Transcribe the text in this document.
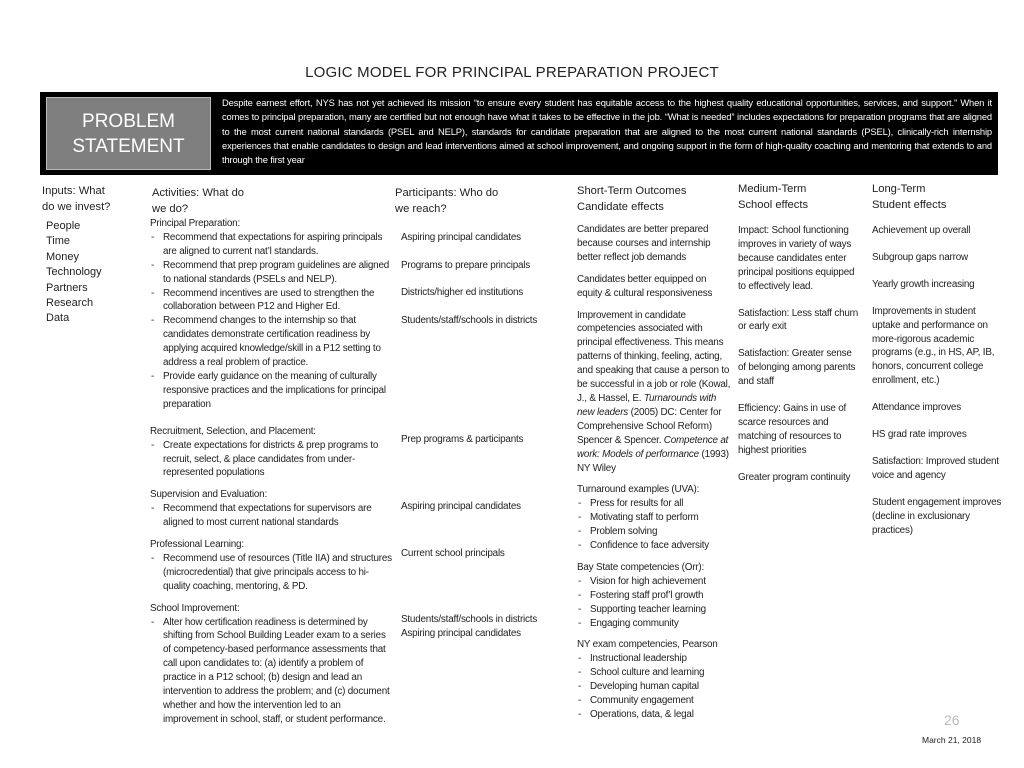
LOGIC MODEL FOR PRINCIPAL PREPARATION PROJECT
PROBLEM
STATEMENT
Despite earnest effort, NYS has not yet achieved its mission “to ensure every student has equitable access to the highest quality educational opportunities, services, and support.” When it comes to principal preparation, many are certified but not enough have what it takes to be effective in the job. “What is needed” includes expectations for preparation programs that are aligned to the most current national standards (PSEL and NELP), standards for candidate preparation that are aligned to the most current national standards (PSEL), clinically-rich internship experiences that enable candidates to design and lead interventions aimed at school improvement, and ongoing support in the form of high-quality coaching and mentoring that extends to and through the first year
Inputs: What
do we invest?
People
Time
Money
Technology
Partners
Research
Data
Activities: What do
we do?

Principal Preparation:

- Recommend that expectations for aspiring principals are aligned to current nat’l standards.
- Recommend that prep program guidelines are aligned to national standards (PSELs and NELP).
- Recommend incentives are used to strengthen the collaboration between P12 and Higher Ed.
- Recommend changes to the internship so that candidates demonstrate certification readiness by applying acquired knowledge/skill in a P12 setting to address a real problem of practice.
- Provide early guidance on the meaning of culturally responsive practices and the implications for principal preparation

Recruitment, Selection, and Placement:

- Create expectations for districts & prep programs to recruit, select, & place candidates from under-represented populations

Supervision and Evaluation:

- Recommend that expectations for supervisors are aligned to most current national standards

Professional Learning:

- Recommend use of resources (Title IIA) and structures (microcredential) that give principals access to hi-quality coaching, mentoring, & PD.

School Improvement:

- Alter how certification readiness is determined by shifting from School Building Leader exam to a series of competency-based performance assessments that call upon candidates to: (a) identify a problem of practice in a P12 school; (b) design and lead an intervention to address the problem; and (c) document whether and how the intervention led to an improvement in school, staff, or student performance.
Participants: Who do
we reach?
Aspiring principal candidates
Programs to prepare principals
Districts/higher ed institutions
Students/staff/schools in districts
Prep programs & participants
Aspiring principal candidates
Current school principals
Students/staff/schools in districts
Aspiring principal candidates
Short-Term Outcomes
Candidate effects

Candidates are better prepared because courses and internship better reflect job demands

Candidates better equipped on equity & cultural responsiveness

Improvement in candidate competencies associated with principal effectiveness. This means patterns of thinking, feeling, acting, and speaking that cause a person to be successful in a job or role (Kowal, J., & Hassel, E. Turnarounds with new leaders (2005) DC: Center for Comprehensive School Reform) Spencer & Spencer. Competence at work: Models of performance (1993) NY Wiley

Turnaround examples (UVA):

- Press for results for all
- Motivating staff to perform
- Problem solving
- Confidence to face adversity

Bay State competencies (Orr):

- Vision for high achievement
- Fostering staff prof’l growth
- Supporting teacher learning
- Engaging community

NY exam competencies, Pearson

- Instructional leadership
- School culture and learning
- Developing human capital
- Community engagement
- Operations, data, & legal
Medium-Term
School effects
Impact: School functioning improves in variety of ways because candidates enter principal positions equipped to effectively lead.
Satisfaction: Less staff churn or early exit
Satisfaction: Greater sense of belonging among parents and staff
Efficiency: Gains in use of scarce resources and matching of resources to highest priorities
Greater program continuity
Long-Term
Student effects
Achievement up overall
Subgroup gaps narrow
Yearly growth increasing
Improvements in student uptake and performance on more-rigorous academic programs (e.g., in HS, AP, IB, honors, concurrent college enrollment, etc.)
Attendance improves
HS grad rate improves
Satisfaction: Improved student voice and agency
Student engagement improves (decline in exclusionary practices)
26
March 21, 2018
